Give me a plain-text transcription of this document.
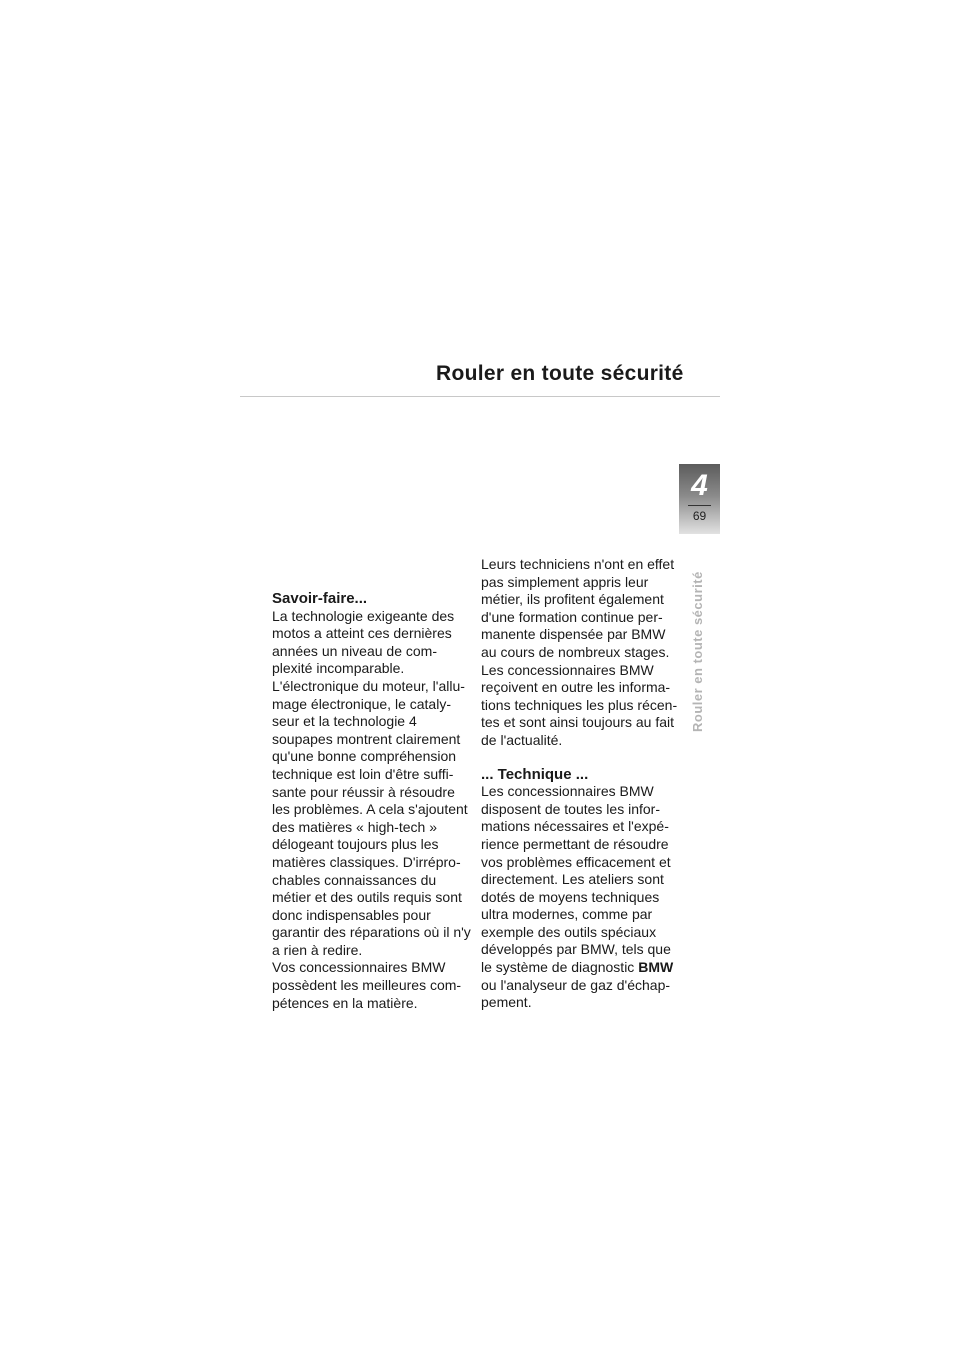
Rouler en toute sécurité
4
69
Rouler en toute sécurité
Savoir-faire...

La technologie exigeante des motos a atteint ces dernières années un niveau de com-plexité incomparable.

L'électronique du moteur, l'allu-mage électronique, le cataly-seur et la technologie 4 soupapes montrent clairement qu'une bonne compréhension technique est loin d'être suffi-sante pour réussir à résoudre les problèmes. A cela s'ajoutent des matières « high-tech » délogeant toujours plus les matières classiques. D'irrépro-chables connaissances du métier et des outils requis sont donc indispensables pour garantir des réparations où il n'y a rien à redire.

Vos concessionnaires BMW possèdent les meilleures com-pétences en la matière.

Leurs techniciens n'ont en effet pas simplement appris leur métier, ils profitent également d'une formation continue per-manente dispensée par BMW au cours de nombreux stages.

Les concessionnaires BMW reçoivent en outre les informa-tions techniques les plus récen-tes et sont ainsi toujours au fait de l'actualité.

... Technique ...

Les concessionnaires BMW disposent de toutes les infor-mations nécessaires et l'expé-rience permettant de résoudre vos problèmes efficacement et directement. Les ateliers sont dotés de moyens techniques ultra modernes, comme par exemple des outils spéciaux développés par BMW, tels que le système de diagnostic BMW ou l'analyseur de gaz d'échap-pement.
